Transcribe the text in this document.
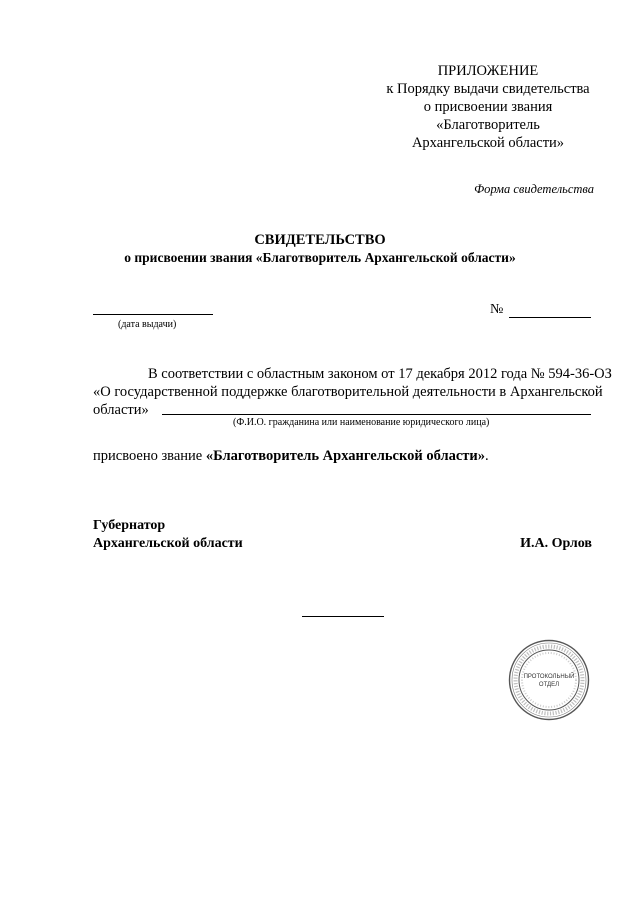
ПРИЛОЖЕНИЕ
к Порядку выдачи свидетельства
о присвоении звания
«Благотворитель
Архангельской области»
Форма свидетельства
СВИДЕТЕЛЬСТВО
о присвоении звания «Благотворитель Архангельской области»
(дата выдачи)
№
В соответствии с областным законом от 17 декабря 2012 года № 594-36-ОЗ
«О государственной поддержке благотворительной деятельности в Архангельской
области»
(Ф.И.О. гражданина или наименование юридического лица)
присвоено звание «Благотворитель Архангельской области».
Губернатор
Архангельской области	И.А. Орлов
ПРОТОКОЛЬНЫЙ
ОТДЕЛ
